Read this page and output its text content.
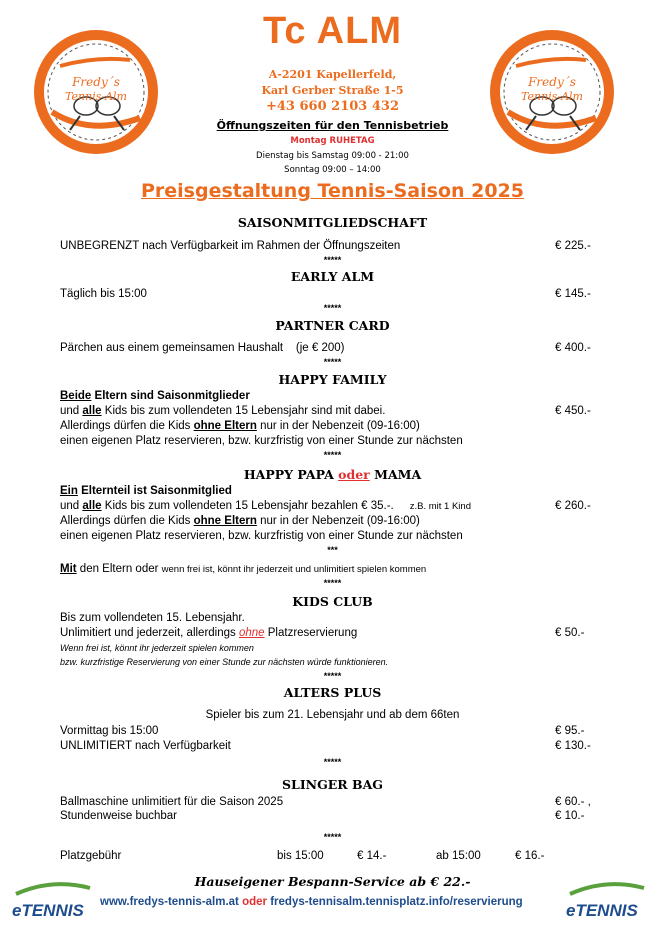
Fredy´s
Tennis-Alm
Fredy´s
Tennis-Alm
Tc ALM
A-2201 Kapellerfeld,
Karl Gerber Straße 1-5
+43 660 2103 432
Öffnungszeiten für den Tennisbetrieb
Montag RUHETAG
Dienstag bis Samstag 09:00 - 21:00
Sonntag 09:00 – 14:00
Preisgestaltung Tennis-Saison 2025
SAISONMITGLIEDSCHAFT
UNBEGRENZT nach Verfügbarkeit im Rahmen der Öffnungszeiten	€ 225.-
*****
EARLY ALM
Täglich bis 15:00	€ 145.-
*****
PARTNER CARD
Pärchen aus einem gemeinsamen Haushalt (je € 200)	€ 400.-
*****
HAPPY FAMILY
Beide Eltern sind Saisonmitglieder
und alle Kids bis zum vollendeten 15 Lebensjahr sind mit dabei.	€ 450.-
Allerdings dürfen die Kids ohne Eltern nur in der Nebenzeit (09-16:00)
einen eigenen Platz reservieren, bzw. kurzfristig von einer Stunde zur nächsten
*****
HAPPY PAPA oder MAMA
Ein Elternteil ist Saisonmitglied
und alle Kids bis zum vollendeten 15 Lebensjahr bezahlen € 35.-. z.B. mit 1 Kind	€ 260.-
Allerdings dürfen die Kids ohne Eltern nur in der Nebenzeit (09-16:00)
einen eigenen Platz reservieren, bzw. kurzfristig von einer Stunde zur nächsten
***
Mit den Eltern oder wenn frei ist, könnt ihr jederzeit und unlimitiert spielen kommen
*****
KIDS CLUB
Bis zum vollendeten 15. Lebensjahr.
Unlimitiert und jederzeit, allerdings ohne Platzreservierung	€ 50.-
Wenn frei ist, könnt ihr jederzeit spielen kommen
bzw. kurzfristige Reservierung von einer Stunde zur nächsten würde funktionieren.
*****
ALTERS PLUS
Spieler bis zum 21. Lebensjahr und ab dem 66ten
Vormittag bis 15:00	€ 95.-
UNLIMITIERT nach Verfügbarkeit	€ 130.-
*****
SLINGER BAG
Ballmaschine unlimitiert für die Saison 2025	€ 60.- ,
Stundenweise buchbar	€ 10.-
*****
Platzgebühr	bis 15:00	€ 14.-	ab 15:00	€ 16.-
Hauseigener Bespann-Service ab € 22.-
eTENNIS	eTENNIS
www.fredys-tennis-alm.at oder fredys-tennisalm.tennisplatz.info/reservierung
